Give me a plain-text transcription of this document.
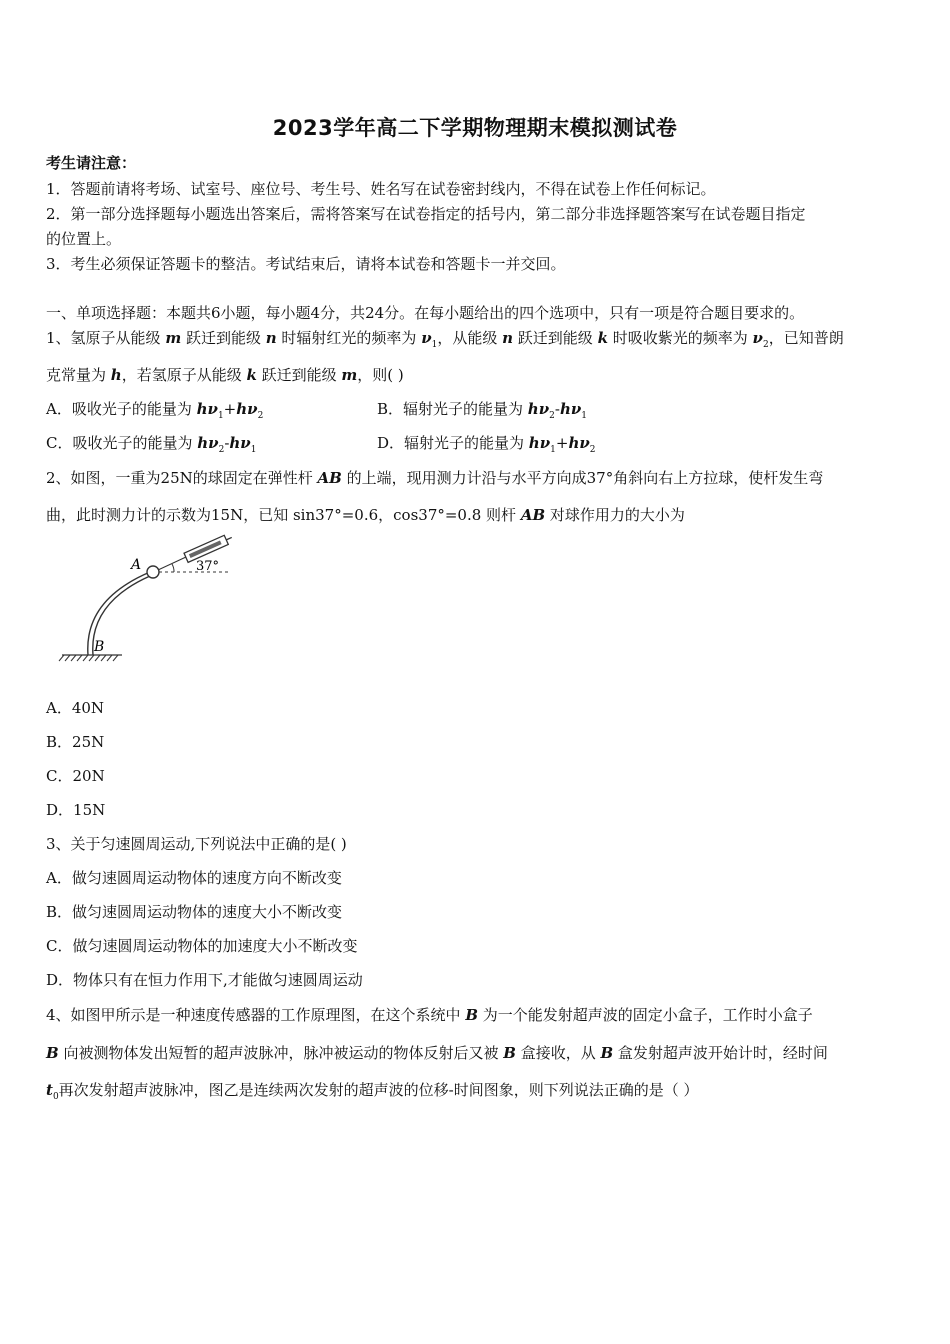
2023学年高二下学期物理期末模拟测试卷
考生请注意：
1．答题前请将考场、试室号、座位号、考生号、姓名写在试卷密封线内，不得在试卷上作任何标记。
2．第一部分选择题每小题选出答案后，需将答案写在试卷指定的括号内，第二部分非选择题答案写在试卷题目指定
的位置上。
3．考生必须保证答题卡的整洁。考试结束后，请将本试卷和答题卡一并交回。
一、单项选择题：本题共6小题，每小题4分，共24分。在每小题给出的四个选项中，只有一项是符合题目要求的。
1、氢原子从能级 m 跃迁到能级 n 时辐射红光的频率为 $\nu_1$，从能级 n 跃迁到能级 k 时吸收紫光的频率为 $\nu_2$，已知普朗
克常量为 h，若氢原子从能级 k 跃迁到能级 m，则( )
A．吸收光子的能量为 $h\nu_1+h\nu_2$	B．辐射光子的能量为 $h\nu_2-h\nu_1$
C．吸收光子的能量为 $h\nu_2-h\nu_1$	D．辐射光子的能量为 $h\nu_1+h\nu_2$
2、如图，一重为25N的球固定在弹性杆 AB 的上端，现用测力计沿与水平方向成37°角斜向右上方拉球，使杆发生弯
曲，此时测力计的示数为15N，已知 sin37°=0.6，cos37°=0.8 则杆 AB 对球作用力的大小为
A
B
37°
A．40N
B．25N
C．20N
D．15N
3、关于匀速圆周运动,下列说法中正确的是( )
A．做匀速圆周运动物体的速度方向不断改变
B．做匀速圆周运动物体的速度大小不断改变
C．做匀速圆周运动物体的加速度大小不断改变
D．物体只有在恒力作用下,才能做匀速圆周运动
4、如图甲所示是一种速度传感器的工作原理图，在这个系统中 B 为一个能发射超声波的固定小盒子，工作时小盒子
B 向被测物体发出短暂的超声波脉冲，脉冲被运动的物体反射后又被 B 盒接收，从 B 盒发射超声波开始计时，经时间
$t_0$再次发射超声波脉冲，图乙是连续两次发射的超声波的位移-时间图象，则下列说法正确的是（ ）
